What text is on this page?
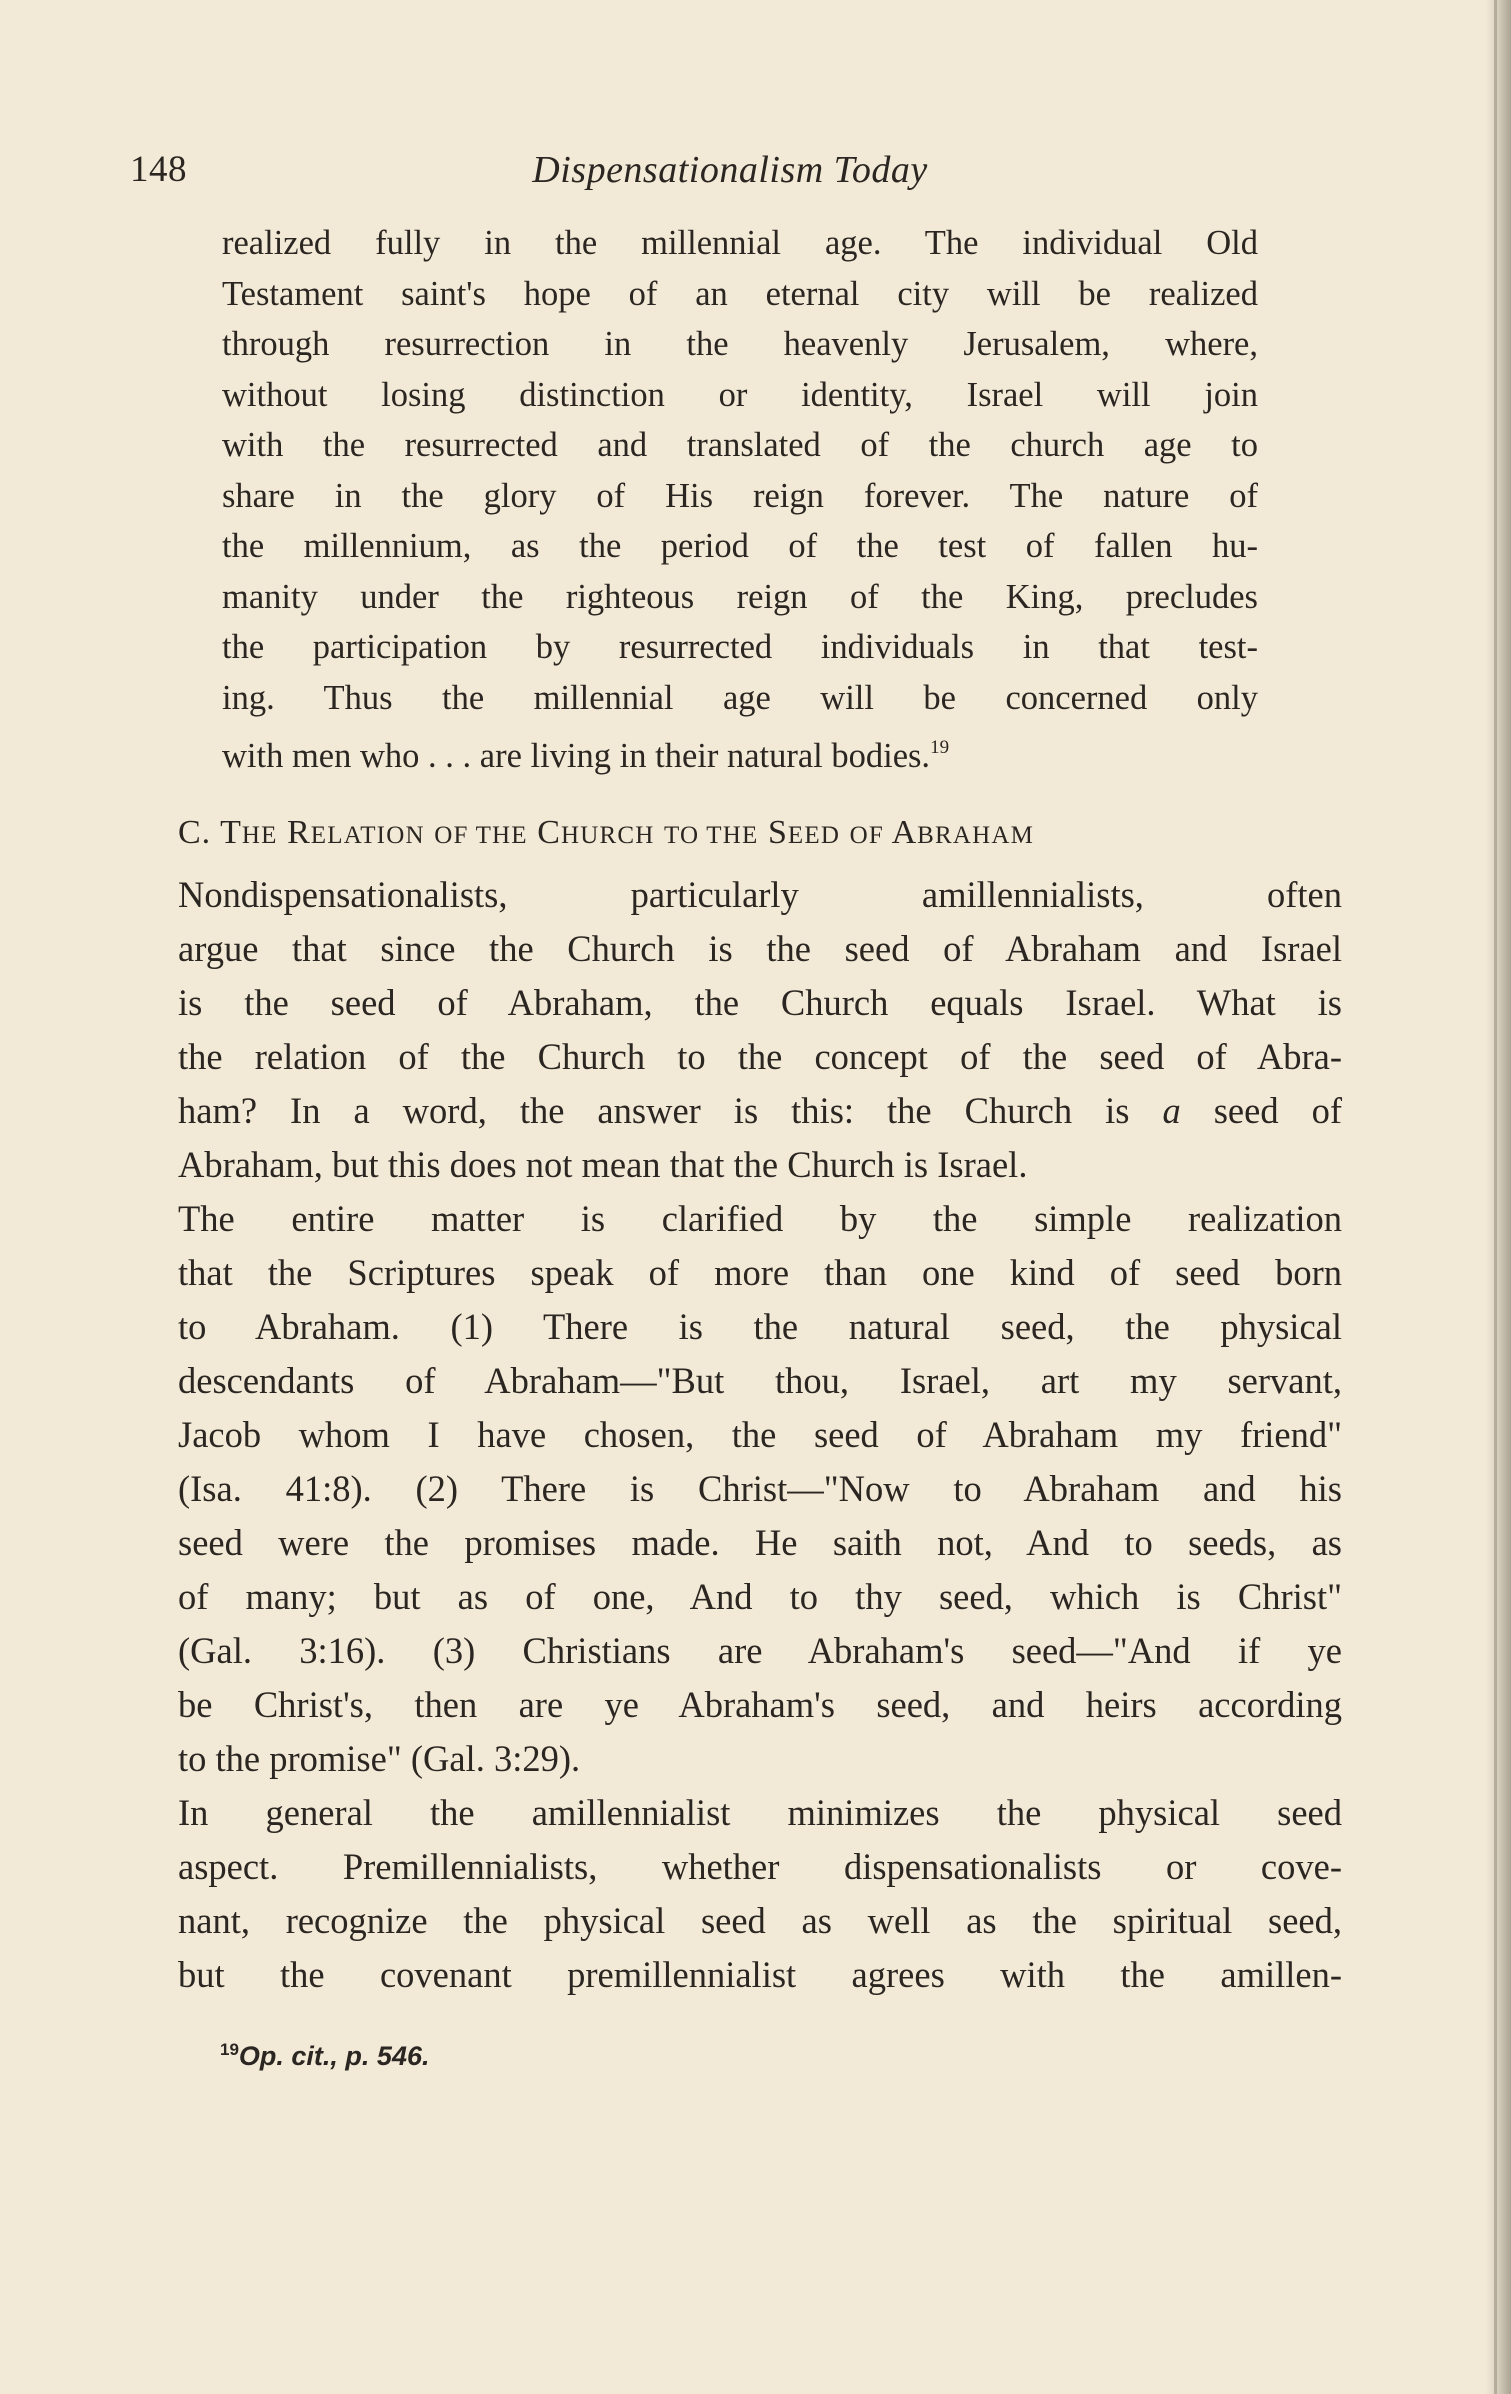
148	Dispensationalism Today
realized fully in the millennial age. The individual Old
Testament saint's hope of an eternal city will be realized
through resurrection in the heavenly Jerusalem, where,
without losing distinction or identity, Israel will join
with the resurrected and translated of the church age to
share in the glory of His reign forever. The nature of
the millennium, as the period of the test of fallen hu-
manity under the righteous reign of the King, precludes
the participation by resurrected individuals in that test-
ing. Thus the millennial age will be concerned only
with men who . . . are living in their natural bodies.$^{19}$
C. THE RELATION OF THE CHURCH TO THE SEED OF ABRAHAM
Nondispensationalists, particularly amillennialists, often
argue that since the Church is the seed of Abraham and Israel
is the seed of Abraham, the Church equals Israel. What is
the relation of the Church to the concept of the seed of Abra-
ham? In a word, the answer is this: the Church is a seed of
Abraham, but this does not mean that the Church is Israel.
The entire matter is clarified by the simple realization
that the Scriptures speak of more than one kind of seed born
to Abraham. (1) There is the natural seed, the physical
descendants of Abraham—"But thou, Israel, art my servant,
Jacob whom I have chosen, the seed of Abraham my friend"
(Isa. 41:8). (2) There is Christ—"Now to Abraham and his
seed were the promises made. He saith not, And to seeds, as
of many; but as of one, And to thy seed, which is Christ"
(Gal. 3:16). (3) Christians are Abraham's seed—"And if ye
be Christ's, then are ye Abraham's seed, and heirs according
to the promise" (Gal. 3:29).
In general the amillennialist minimizes the physical seed
aspect. Premillennialists, whether dispensationalists or cove-
nant, recognize the physical seed as well as the spiritual seed,
but the covenant premillennialist agrees with the amillen-
$^{19}$Op. cit., p. 546.
